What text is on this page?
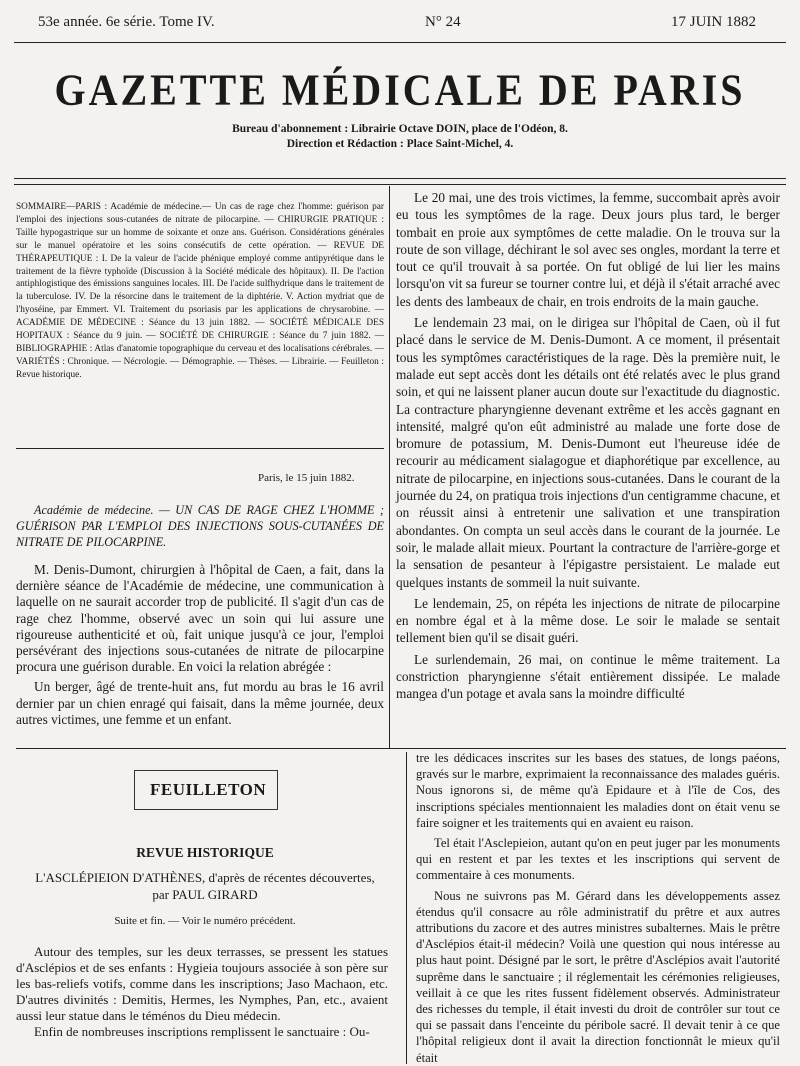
53e année. 6e série. Tome IV.	N° 24	17 JUIN 1882
GAZETTE MÉDICALE DE PARIS
Bureau d'abonnement : Librairie Octave DOIN, place de l'Odéon, 8.
Direction et Rédaction : Place Saint-Michel, 4.
SOMMAIRE—PARIS : Académie de médecine.— Un cas de rage chez l'homme: guérison par l'emploi des injections sous-cutanées de nitrate de pilocarpine. — CHIRURGIE PRATIQUE : Taille hypogastrique sur un homme de soixante et onze ans. Guérison. Considérations générales sur le manuel opératoire et les soins consécutifs de cette opération. — REVUE DE THÉRAPEUTIQUE : I. De la valeur de l'acide phénique employé comme antipyrétique dans le traitement de la fièvre typhoïde (Discussion à la Société médicale des hôpitaux). II. De l'action antiphlogistique des émissions sanguines locales. III. De l'acide sulfhydrique dans le traitement de la tuberculose. IV. De la résorcine dans le traitement de la diphtérie. V. Action mydriat que de l'hyoséine, par Emmert. VI. Traitement du psoriasis par les applications de chrysarobine. — ACADÉMIE DE MÉDECINE : Séance du 13 juin 1882. — SOCIÉTÉ MÉDICALE DES HOPITAUX : Séance du 9 juin. — SOCIÉTÉ DE CHIRURGIE : Séance du 7 juin 1882. — BIBLIOGRAPHIE : Atlas d'anatomie topographique du cerveau et des localisations cérébrales. — VARIÉTÉS : Chronique. — Nécrologie. — Démographie. — Thèses. — Librairie. — Feuilleton : Revue historique.
Paris, le 15 juin 1882.

Académie de médecine. — UN CAS DE RAGE CHEZ L'HOMME ; GUÉRISON PAR L'EMPLOI DES INJECTIONS SOUS-CUTANÉES DE NITRATE DE PILOCARPINE.

M. Denis-Dumont, chirurgien à l'hôpital de Caen, a fait, dans la dernière séance de l'Académie de médecine, une communication à laquelle on ne saurait accorder trop de publicité. Il s'agit d'un cas de rage chez l'homme, observé avec un soin qui lui assure une rigoureuse authenticité et où, fait unique jusqu'à ce jour, l'emploi persévérant des injections sous-cutanées de nitrate de pilocarpine procura une guérison durable. En voici la relation abrégée :

Un berger, âgé de trente-huit ans, fut mordu au bras le 16 avril dernier par un chien enragé qui faisait, dans la même journée, deux autres victimes, une femme et un enfant.

Le 20 mai, une des trois victimes, la femme, succombait après avoir eu tous les symptômes de la rage. Deux jours plus tard, le berger tombait en proie aux symptômes de cette maladie. On le trouva sur la route de son village, déchirant le sol avec ses ongles, mordant la terre et tout ce qu'il trouvait à sa portée. On fut obligé de lui lier les mains lorsqu'on vit sa fureur se tourner contre lui, et déjà il s'était arraché avec les dents des lambeaux de chair, en trois endroits de la main gauche.

Le lendemain 23 mai, on le dirigea sur l'hôpital de Caen, où il fut placé dans le service de M. Denis-Dumont. A ce moment, il présentait tous les symptômes caractéristiques de la rage. Dès la première nuit, le malade eut sept accès dont les détails ont été relatés avec le plus grand soin, et qui ne laissent planer aucun doute sur l'exactitude du diagnostic. La contracture pharyngienne devenant extrême et les accès gagnant en intensité, malgré qu'on eût administré au malade une forte dose de bromure de potassium, M. Denis-Dumont eut l'heureuse idée de recourir au médicament sialagogue et diaphorétique par excellence, au nitrate de pilocarpine, en injections sous-cutanées. Dans le courant de la journée du 24, on pratiqua trois injections d'un centigramme chacune, et on réussit ainsi à entretenir une salivation et une transpiration abondantes. On compta un seul accès dans le courant de la journée. Le soir, le malade allait mieux. Pourtant la contracture de l'arrière-gorge et la sensation de pesanteur à l'épigastre persistaient. Le malade eut quelques instants de sommeil la nuit suivante.

Le lendemain, 25, on répéta les injections de nitrate de pilocarpine en nombre égal et à la même dose. Le soir le malade se sentait tellement bien qu'il se disait guéri.

Le surlendemain, 26 mai, on continue le même traitement. La constriction pharyngienne s'était entièrement dissipée. Le malade mangea d'un potage et avala sans la moindre difficulté

FEUILLETON
REVUE HISTORIQUE
L'ASCLÉPIEION D'ATHÈNES, d'après de récentes découvertes,
par PAUL GIRARD
Suite et fin. — Voir le numéro précédent.

Autour des temples, sur les deux terrasses, se pressent les statues d'Asclépios et de ses enfants : Hygieia toujours associée à son père sur les bas-reliefs votifs, comme dans les inscriptions; Jaso Machaon, etc. D'autres divinités : Demitis, Hermes, les Nymphes, Pan, etc., avaient aussi leur statue dans le téménos du Dieu médecin.

Enfin de nombreuses inscriptions remplissent le sanctuaire : Ou-

tre les dédicaces inscrites sur les bases des statues, de longs paéons, gravés sur le marbre, exprimaient la reconnaissance des malades guéris. Nous ignorons si, de même qu'à Epidaure et à l'île de Cos, des inscriptions spéciales mentionnaient les maladies dont on était venu se faire soigner et les traitements qui en avaient eu raison.

Tel était l'Asclepieion, autant qu'on en peut juger par les monuments qui en restent et par les textes et les inscriptions qui servent de commentaire à ces monuments.

Nous ne suivrons pas M. Gérard dans les développements assez étendus qu'il consacre au rôle administratif du prêtre et aux autres attributions du zacore et des autres ministres subalternes. Mais le prêtre d'Asclépios était-il médecin? Voilà une question qui nous intéresse au plus haut point. Désigné par le sort, le prêtre d'Asclépios avait l'autorité suprême dans le sanctuaire ; il réglementait les cérémonies religieuses, veillait à ce que les rites fussent fidèlement observés. Administrateur des richesses du temple, il était investi du droit de contrôler sur tout ce qui se passait dans l'enceinte du péribole sacré. Il devait tenir à ce que l'hôpital religieux dont il avait la direction fonctionnât le mieux qu'il était
